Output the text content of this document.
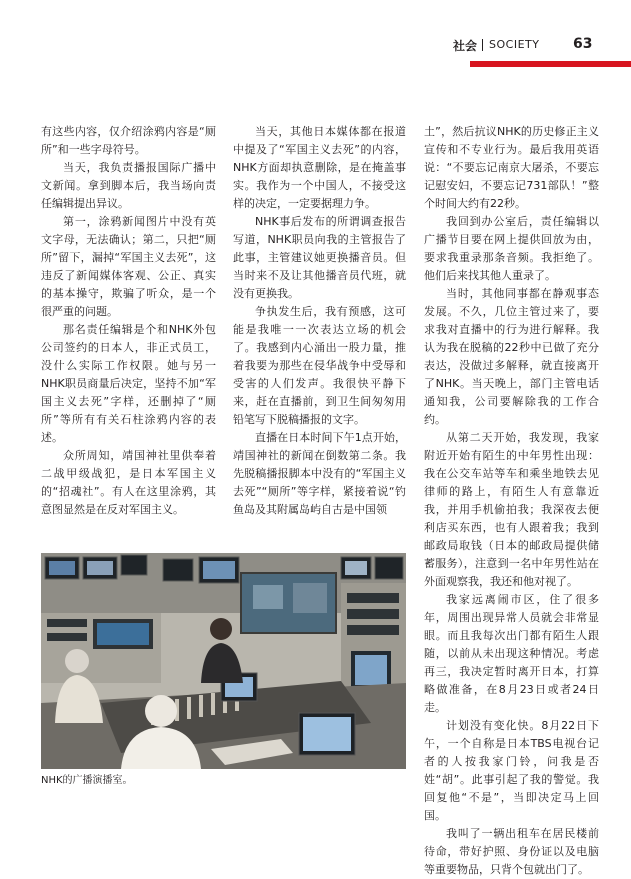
社会 SOCIETY 63

有这些内容，仅介绍涂鸦内容是“厕所”和一些字母符号。

当天，我负责播报国际广播中文新闻。拿到脚本后，我当场向责任编辑提出异议。

第一，涂鸦新闻图片中没有英文字母，无法确认；第二，只把“厕所”留下，漏掉“军国主义去死”，这违反了新闻媒体客观、公正、真实的基本操守，欺骗了听众，是一个很严重的问题。

那名责任编辑是个和NHK外包公司签约的日本人，非正式员工，没什么实际工作权限。她与另一NHK职员商量后决定，坚持不加“军国主义去死”字样，还删掉了“厕所”等所有有关石柱涂鸦内容的表述。

众所周知，靖国神社里供奉着二战甲级战犯，是日本军国主义的“招魂社”。有人在这里涂鸦，其意图显然是在反对军国主义。

当天，其他日本媒体都在报道中提及了“军国主义去死”的内容，NHK方面却执意删除，是在掩盖事实。我作为一个中国人，不接受这样的决定，一定要据理力争。

NHK事后发布的所谓调查报告写道，NHK职员向我的主管报告了此事，主管建议她更换播音员。但当时来不及让其他播音员代班，就没有更换我。

争执发生后，我有预感，这可能是我唯一一次表达立场的机会了。我感到内心涌出一股力量，推着我要为那些在侵华战争中受辱和受害的人们发声。我很快平静下来，赶在直播前，到卫生间匆匆用铅笔写下脱稿播报的文字。

直播在日本时间下午1点开始，靖国神社的新闻在倒数第二条。我先脱稿播报脚本中没有的“军国主义去死”“厕所”等字样，紧接着说“钓鱼岛及其附属岛屿自古是中国领

土”，然后抗议NHK的历史修正主义宣传和不专业行为。最后我用英语说：“不要忘记南京大屠杀，不要忘记慰安妇，不要忘记731部队！”整个时间大约有22秒。

我回到办公室后，责任编辑以广播节目要在网上提供回放为由，要求我重录那条音频。我拒绝了。他们后来找其他人重录了。

当时，其他同事都在静观事态发展。不久，几位主管过来了，要求我对直播中的行为进行解释。我认为我在脱稿的22秒中已做了充分表达，没做过多解释，就直接离开了NHK。当天晚上，部门主管电话通知我，公司要解除我的工作合约。

从第二天开始，我发现，我家附近开始有陌生的中年男性出现：我在公交车站等车和乘坐地铁去见律师的路上，有陌生人有意靠近我，并用手机偷拍我；我深夜去便利店买东西，也有人跟着我；我到邮政局取钱（日本的邮政局提供储蓄服务），注意到一名中年男性站在外面观察我，我还和他对视了。

我家远离闹市区，住了很多年，周围出现异常人员就会非常显眼。而且我每次出门都有陌生人跟随，以前从未出现这种情况。考虑再三，我决定暂时离开日本，打算略做准备，在8月23日或者24日走。

计划没有变化快。8月22日下午，一个自称是日本TBS电视台记者的人按我家门铃，问我是否姓“胡”。此事引起了我的警觉。我回复他“不是”，当即决定马上回国。

我叫了一辆出租车在居民楼前待命，带好护照、身份证以及电脑等重要物品，只背个包就出门了。

NHK的广播演播室。
